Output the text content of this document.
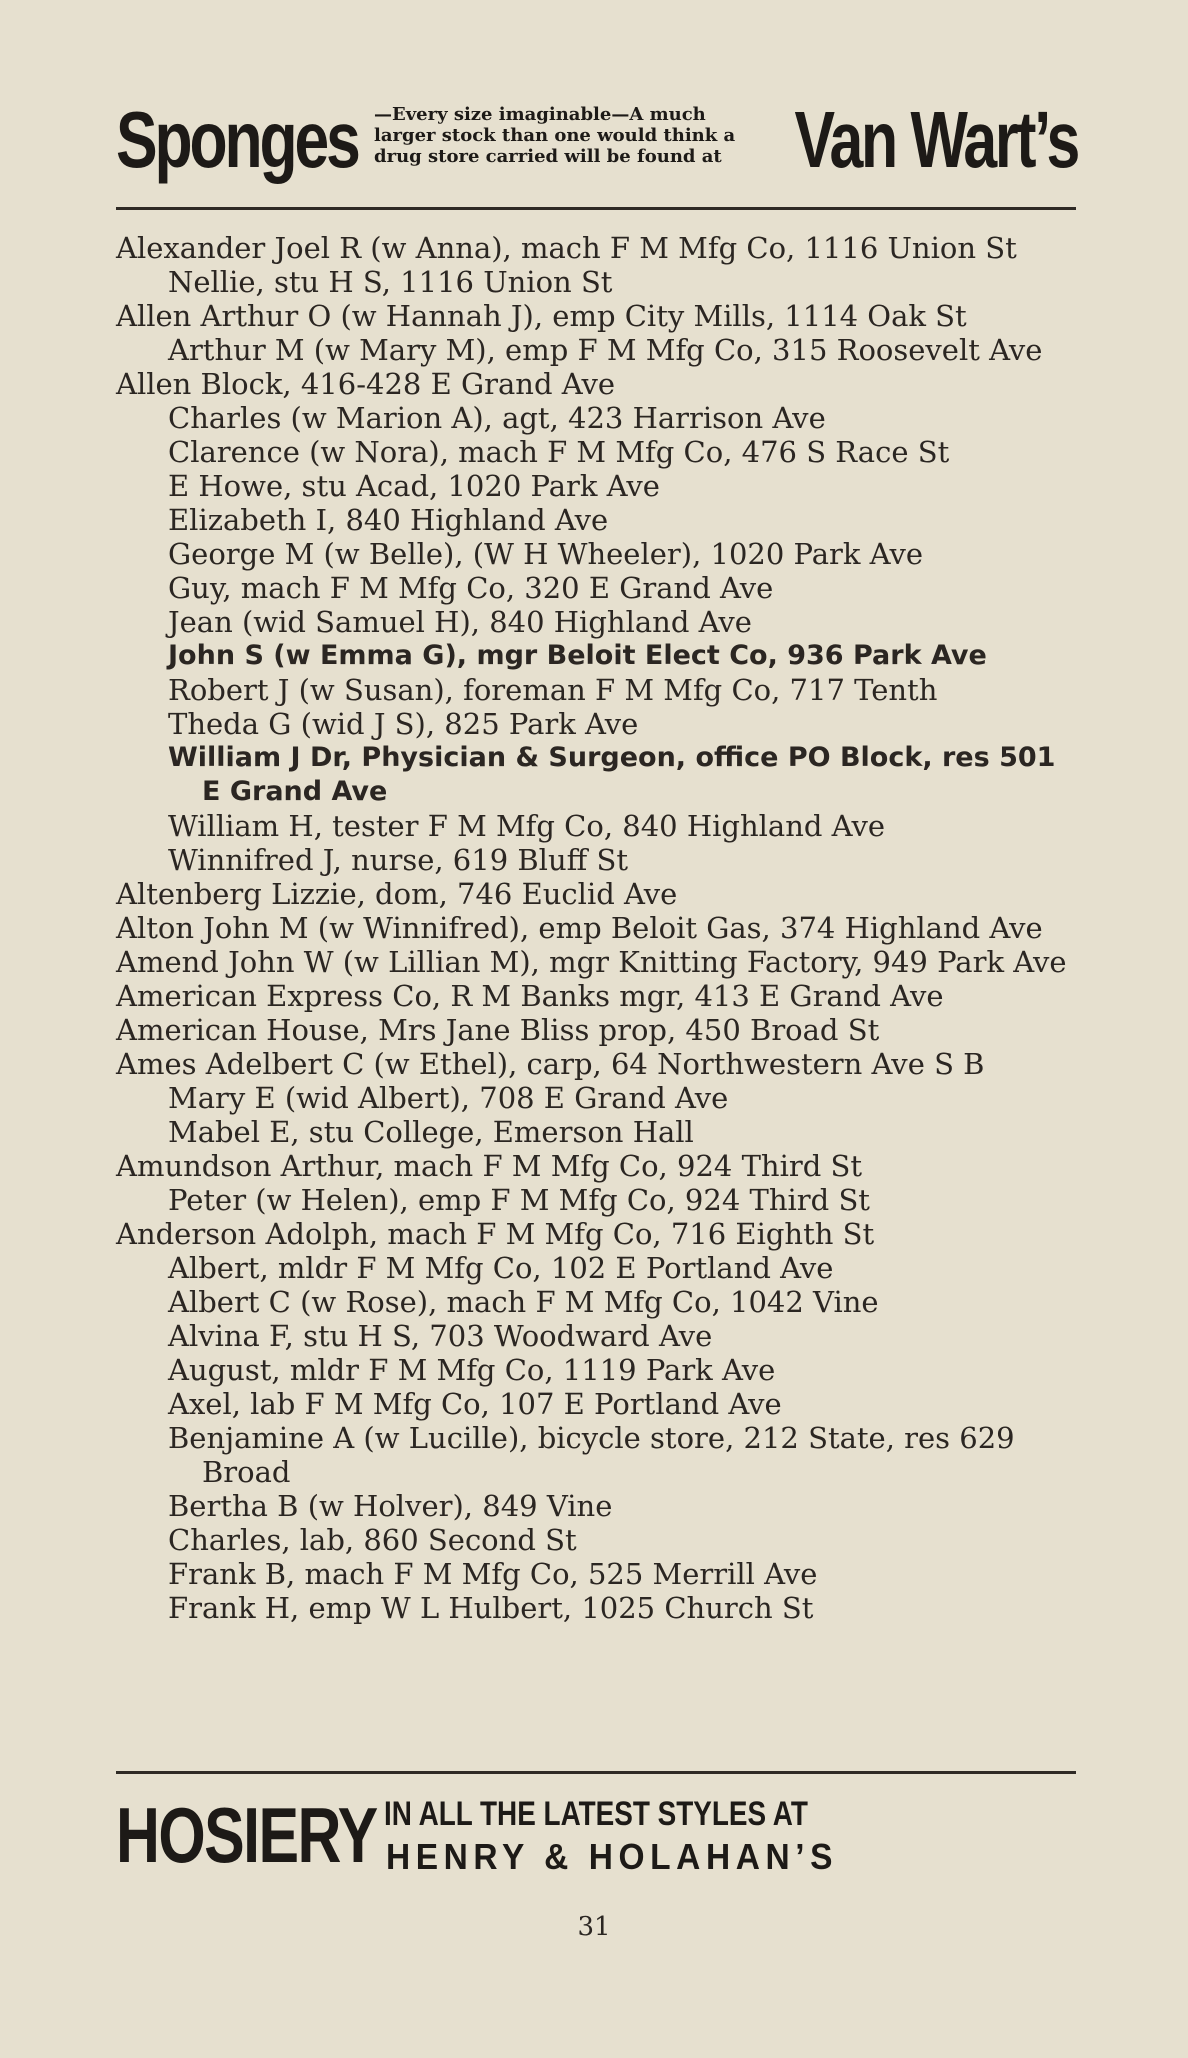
Sponges —Every size imaginable—A much
larger stock than one would think a
drug store carried will be found at Van Wart’s
Alexander Joel R (w Anna), mach F M Mfg Co, 1116 Union St
Nellie, stu H S, 1116 Union St
Allen Arthur O (w Hannah J), emp City Mills, 1114 Oak St
Arthur M (w Mary M), emp F M Mfg Co, 315 Roosevelt Ave
Allen Block, 416-428 E Grand Ave
Charles (w Marion A), agt, 423 Harrison Ave
Clarence (w Nora), mach F M Mfg Co, 476 S Race St
E Howe, stu Acad, 1020 Park Ave
Elizabeth I, 840 Highland Ave
George M (w Belle), (W H Wheeler), 1020 Park Ave
Guy, mach F M Mfg Co, 320 E Grand Ave
Jean (wid Samuel H), 840 Highland Ave
John S (w Emma G), mgr Beloit Elect Co, 936 Park Ave
Robert J (w Susan), foreman F M Mfg Co, 717 Tenth
Theda G (wid J S), 825 Park Ave
William J Dr, Physician & Surgeon, office PO Block, res 501 E Grand Ave
William H, tester F M Mfg Co, 840 Highland Ave
Winnifred J, nurse, 619 Bluff St
Altenberg Lizzie, dom, 746 Euclid Ave
Alton John M (w Winnifred), emp Beloit Gas, 374 Highland Ave
Amend John W (w Lillian M), mgr Knitting Factory, 949 Park Ave
American Express Co, R M Banks mgr, 413 E Grand Ave
American House, Mrs Jane Bliss prop, 450 Broad St
Ames Adelbert C (w Ethel), carp, 64 Northwestern Ave S B
Mary E (wid Albert), 708 E Grand Ave
Mabel E, stu College, Emerson Hall
Amundson Arthur, mach F M Mfg Co, 924 Third St
Peter (w Helen), emp F M Mfg Co, 924 Third St
Anderson Adolph, mach F M Mfg Co, 716 Eighth St
Albert, mldr F M Mfg Co, 102 E Portland Ave
Albert C (w Rose), mach F M Mfg Co, 1042 Vine
Alvina F, stu H S, 703 Woodward Ave
August, mldr F M Mfg Co, 1119 Park Ave
Axel, lab F M Mfg Co, 107 E Portland Ave
Benjamine A (w Lucille), bicycle store, 212 State, res 629 Broad
Bertha B (w Holver), 849 Vine
Charles, lab, 860 Second St
Frank B, mach F M Mfg Co, 525 Merrill Ave
Frank H, emp W L Hulbert, 1025 Church St
HOSIERY IN ALL THE LATEST STYLES AT
HENRY & HOLAHAN’S
31
